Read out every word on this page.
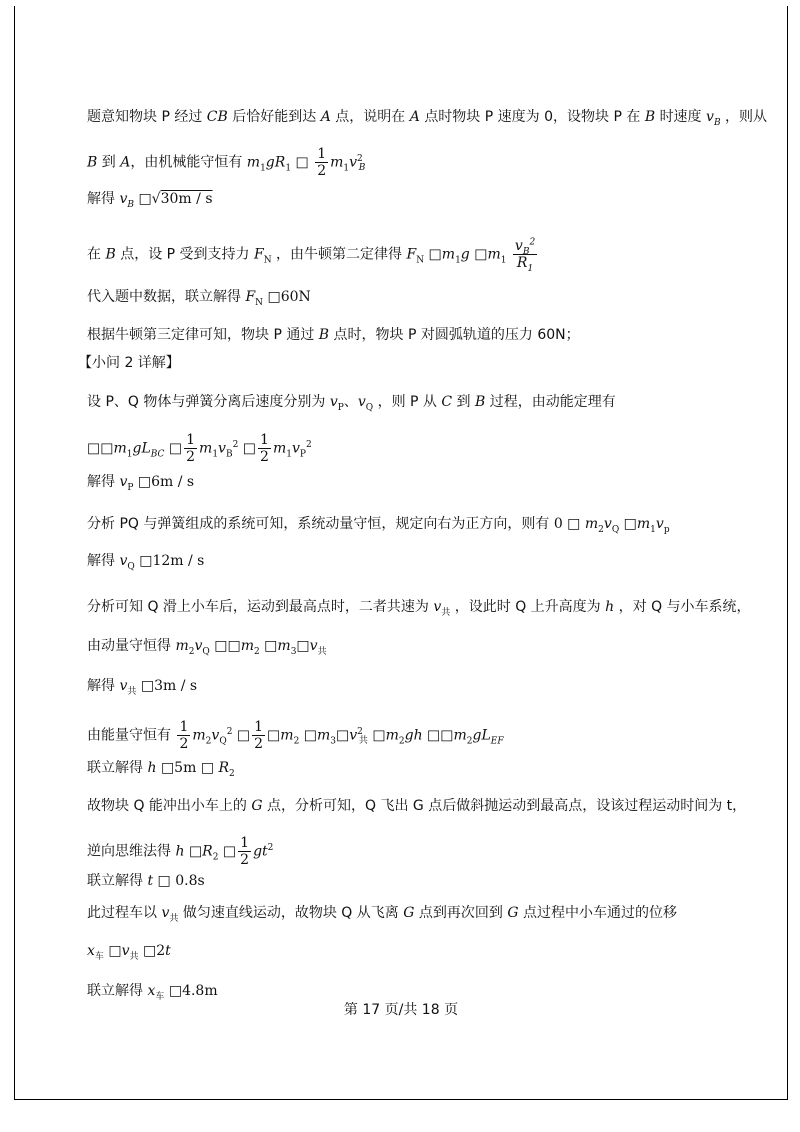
题意知物块 P 经过 CB 后恰好能到达 A 点，说明在 A 点时物块 P 速度为 0，设物块 P 在 B 时速度 $v_B$ ，则从
B 到 A，由机械能守恒有 $m_1gR_1$ □ $\frac{1}{2} m_1v^2_B$
解得 $v_B$ □√30m / s
在 B 点，设 P 受到支持力 $F_N$ ，由牛顿第二定律得 $F_N$ $□m_1g$ $□m_1 \frac{v_B^2}{R_1}$
代入题中数据，联立解得 $F_N$ □60N
根据牛顿第三定律可知，物块 P 通过 B 点时，物块 P 对圆弧轨道的压力 60N；
【小问 2 详解】
设 P、Q 物体与弹簧分离后速度分别为 $v_P$、$v_Q$ ，则 P 从 C 到 B 过程，由动能定理有
$□□m_1gL_{BC}$ □ $\frac{1}{2} m_1v_B^2$ □ $\frac{1}{2} m_1v_P^2$
解得 $v_P$ □6m / s
分析 PQ 与弹簧组成的系统可知，系统动量守恒，规定向右为正方向，则有 0 □ $m_2v_Q$ $□m_1v_p$
解得 $v_Q$ □12m / s
分析可知 Q 滑上小车后，运动到最高点时，二者共速为 $v_共$ ，设此时 Q 上升高度为 h ，对 Q 与小车系统，
由动量守恒得 $m_2v_Q$ $□□m_2$ $□m_3□v_共$
解得 $v_共$ □3m / s
由能量守恒有 $\frac{1}{2} m_2v_Q^2$ □ $\frac{1}{2}$ $□m_2$ $□m_3□v^2_共$ $□m_2gh$ $□□m_2gL_{EF}$
联立解得 h □5m □ $R_2$
故物块 Q 能冲出小车上的 G 点，分析可知，Q 飞出 G 点后做斜抛运动到最高点，设该过程运动时间为 t，
逆向思维法得 h $□R_2$ □ $\frac{1}{2} gt^2$
联立解得 t □ 0.8s
此过程车以 $v_共$ 做匀速直线运动，故物块 Q 从飞离 G 点到再次回到 G 点过程中小车通过的位移
$x_车$ $□v_共$ □2t
联立解得 $x_车$ □4.8m
第 17 页/共 18 页
